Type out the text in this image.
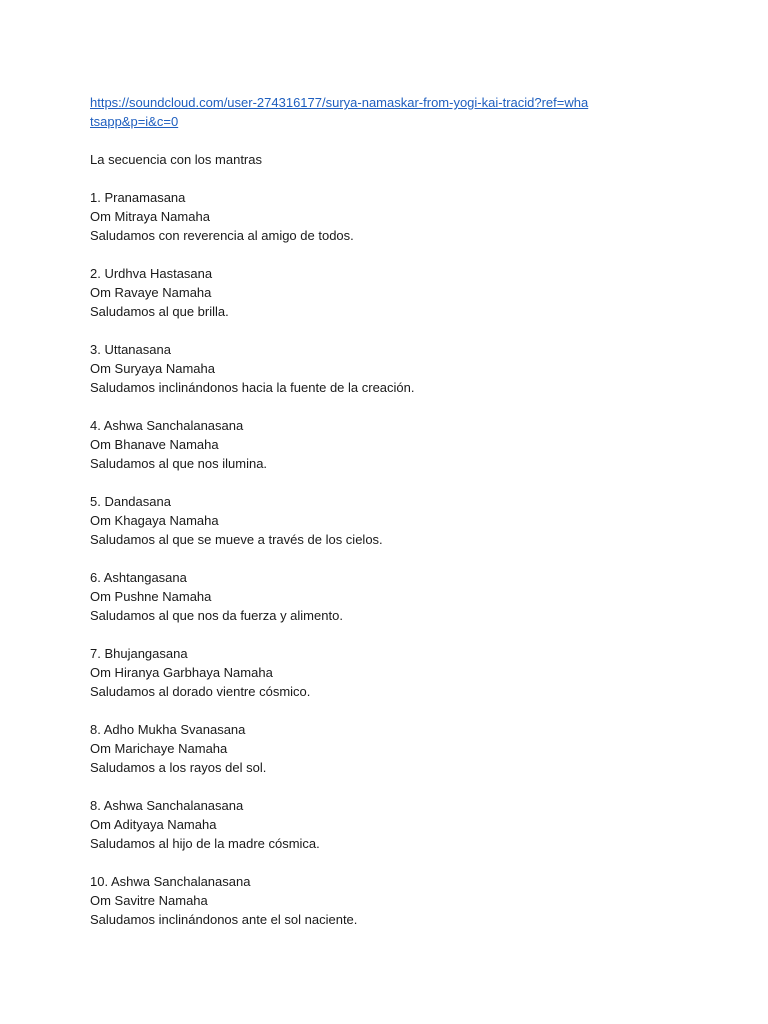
https://soundcloud.com/user-274316177/surya-namaskar-from-yogi-kai-tracid?ref=whatsapp&p=i&c=0
La secuencia con los mantras
1. Pranamasana
Om Mitraya Namaha
Saludamos con reverencia al amigo de todos.
2. Urdhva Hastasana
Om Ravaye Namaha
Saludamos al que brilla.
3. Uttanasana
Om Suryaya Namaha
Saludamos inclinándonos hacia la fuente de la creación.
4. Ashwa Sanchalanasana
Om Bhanave Namaha
Saludamos al que nos ilumina.
5. Dandasana
Om Khagaya Namaha
Saludamos al que se mueve a través de los cielos.
6. Ashtangasana
Om Pushne Namaha
Saludamos al que nos da fuerza y alimento.
7. Bhujangasana
Om Hiranya Garbhaya Namaha
Saludamos al dorado vientre cósmico.
8. Adho Mukha Svanasana
Om Marichaye Namaha
Saludamos a los rayos del sol.
8. Ashwa Sanchalanasana
Om Adityaya Namaha
Saludamos al hijo de la madre cósmica.
10. Ashwa Sanchalanasana
Om Savitre Namaha
Saludamos inclinándonos ante el sol naciente.
